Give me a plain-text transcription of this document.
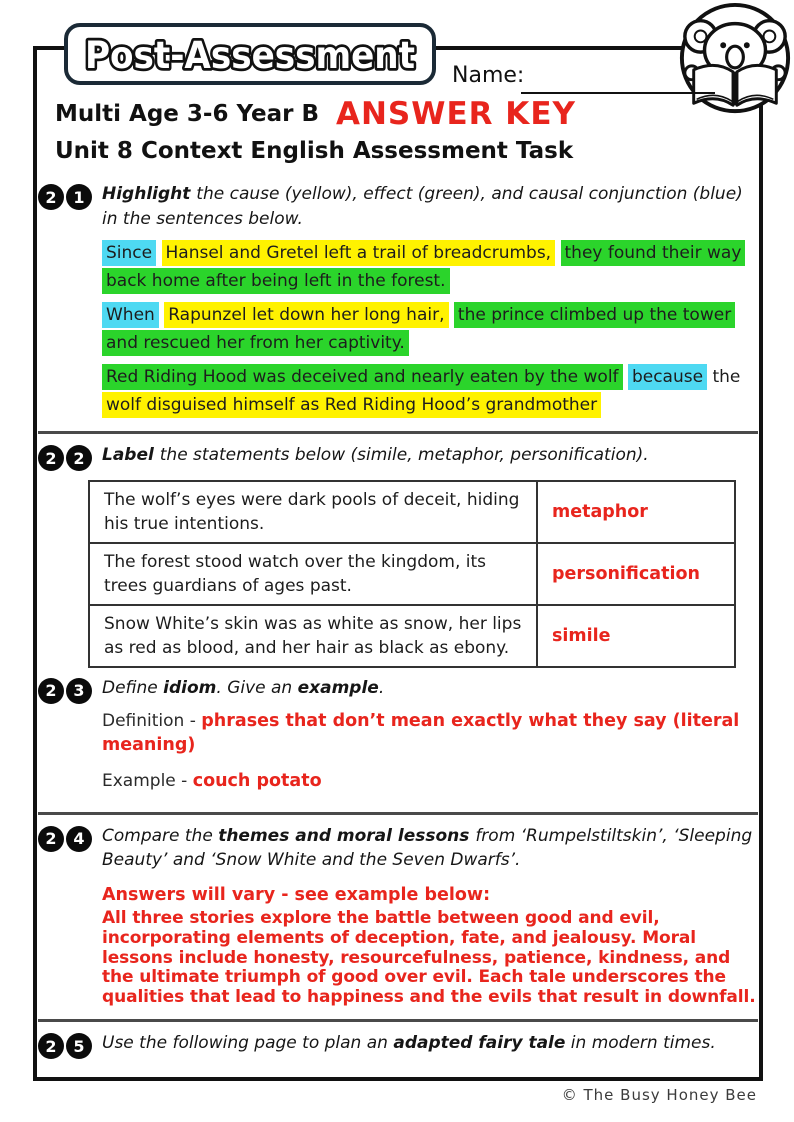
Post-Assessment Name:
Multi Age 3-6 Year B ANSWER KEY
Unit 8 Context English Assessment Task
2 1	Highlight the cause (yellow), effect (green), and causal conjunction (blue) in the sentences below.

Since Hansel and Gretel left a trail of breadcrumbs, they found their way back home after being left in the forest.

When Rapunzel let down her long hair, the prince climbed up the tower and rescued her from her captivity.

Red Riding Hood was deceived and nearly eaten by the wolf because the wolf disguised himself as Red Riding Hood’s grandmother

2 2	Label the statements below (simile, metaphor, personification).

The wolf’s eyes were dark pools of deceit, hiding his true intentions.	metaphor
The forest stood watch over the kingdom, its trees guardians of ages past.	personification
Snow White’s skin was as white as snow, her lips as red as blood, and her hair as black as ebony.	simile
2 3	Define idiom. Give an example.

Definition - phrases that don’t mean exactly what they say (literal meaning)

Example - couch potato

2 4	Compare the themes and moral lessons from ‘Rumpelstiltskin’, ‘Sleeping Beauty’ and ‘Snow White and the Seven Dwarfs’.

Answers will vary - see example below:

All three stories explore the battle between good and evil, incorporating elements of deception, fate, and jealousy. Moral lessons include honesty, resourcefulness, patience, kindness, and the ultimate triumph of good over evil. Each tale underscores the qualities that lead to happiness and the evils that result in downfall.

2 5	Use the following page to plan an adapted fairy tale in modern times.

© The Busy Honey Bee
